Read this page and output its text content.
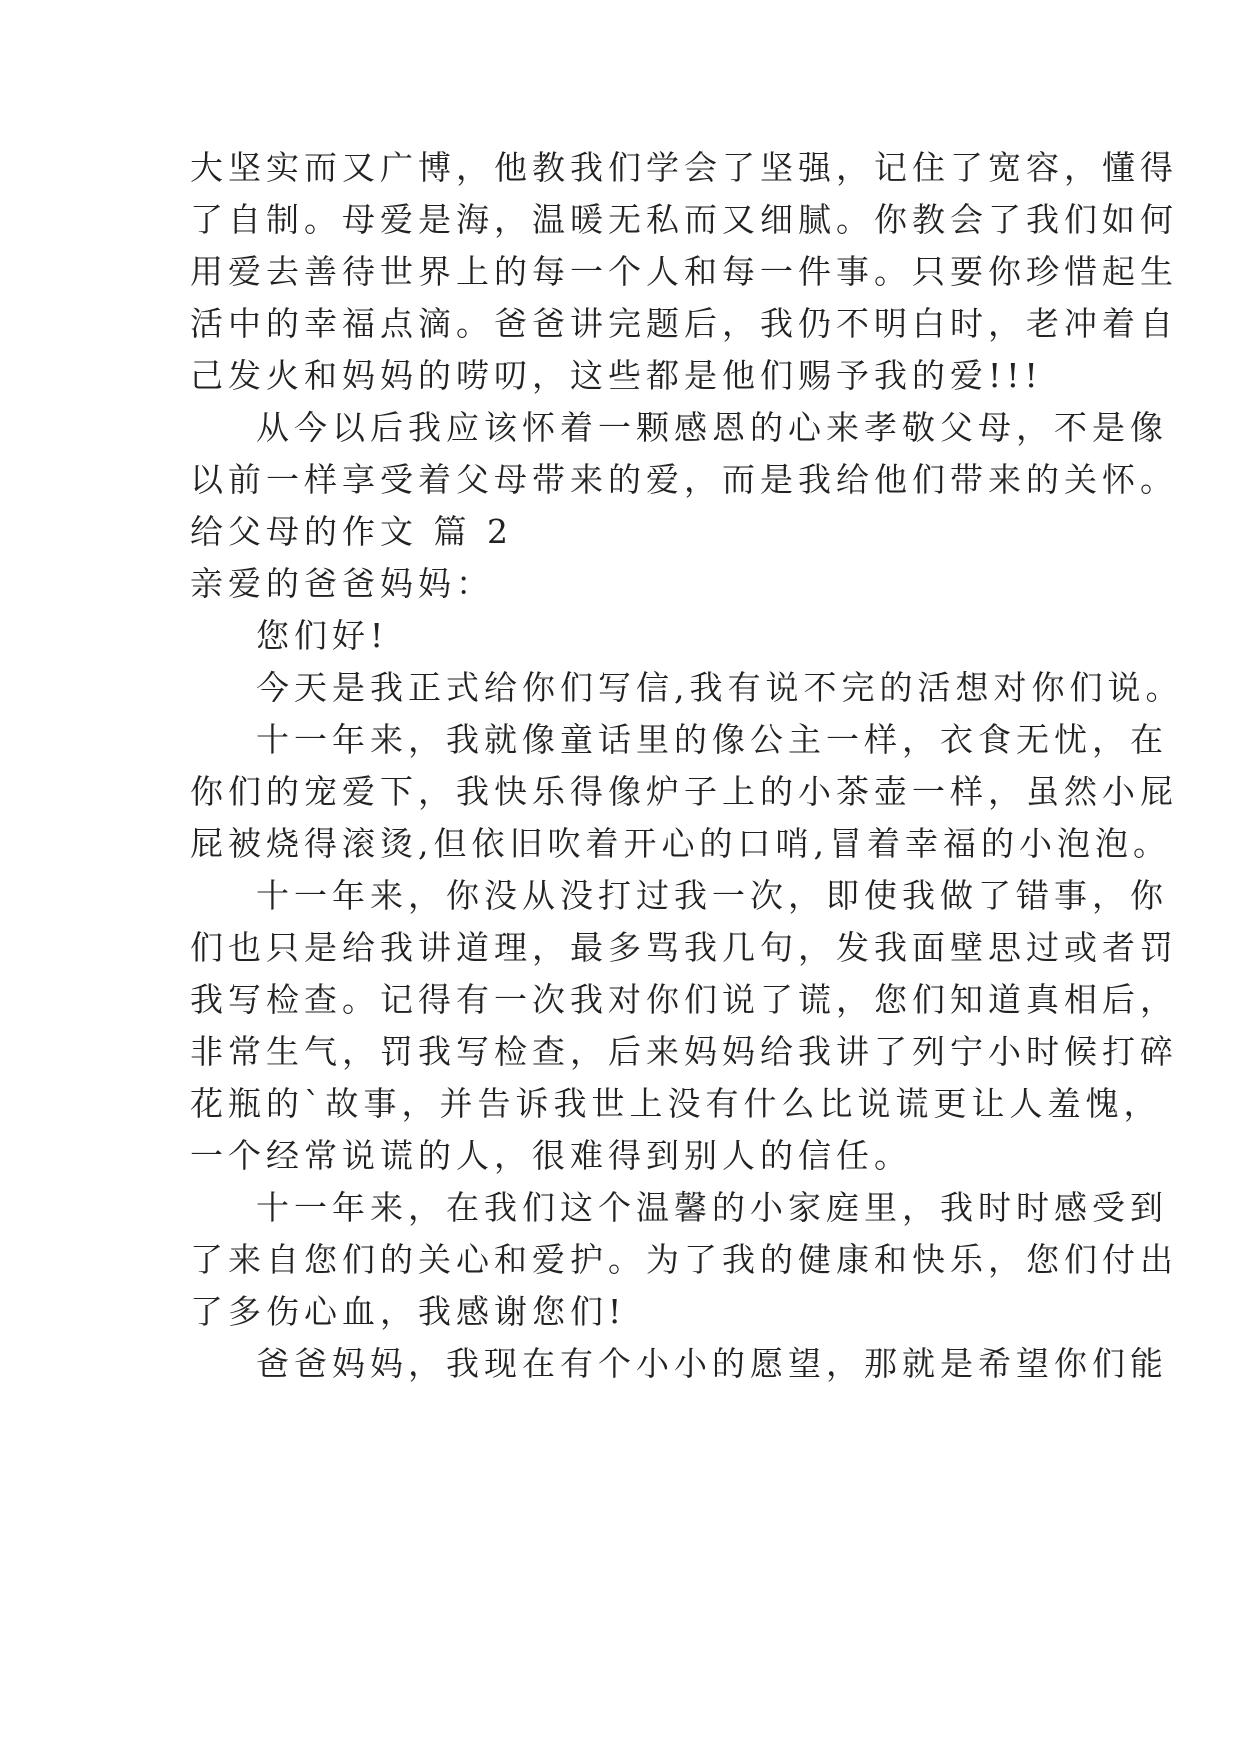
大坚实而又广博，他教我们学会了坚强，记住了宽容，懂得

了自制。母爱是海，温暖无私而又细腻。你教会了我们如何

用爱去善待世界上的每一个人和每一件事。只要你珍惜起生

活中的幸福点滴。爸爸讲完题后，我仍不明白时，老冲着自

己发火和妈妈的唠叨，这些都是他们赐予我的爱!!!

从今以后我应该怀着一颗感恩的心来孝敬父母，不是像

以前一样享受着父母带来的爱，而是我给他们带来的关怀。

给父母的作文 篇 2

亲爱的爸爸妈妈：

您们好!

今天是我正式给你们写信,我有说不完的活想对你们说。

十一年来，我就像童话里的像公主一样，衣食无忧，在

你们的宠爱下，我快乐得像炉子上的小茶壶一样，虽然小屁

屁被烧得滚烫,但依旧吹着开心的口哨,冒着幸福的小泡泡。

十一年来，你没从没打过我一次，即使我做了错事，你

们也只是给我讲道理，最多骂我几句，发我面壁思过或者罚

我写检查。记得有一次我对你们说了谎，您们知道真相后，

非常生气，罚我写检查，后来妈妈给我讲了列宁小时候打碎

花瓶的`故事，并告诉我世上没有什么比说谎更让人羞愧，

一个经常说谎的人，很难得到别人的信任。

十一年来，在我们这个温馨的小家庭里，我时时感受到

了来自您们的关心和爱护。为了我的健康和快乐，您们付出

了多伤心血，我感谢您们!

爸爸妈妈，我现在有个小小的愿望，那就是希望你们能
